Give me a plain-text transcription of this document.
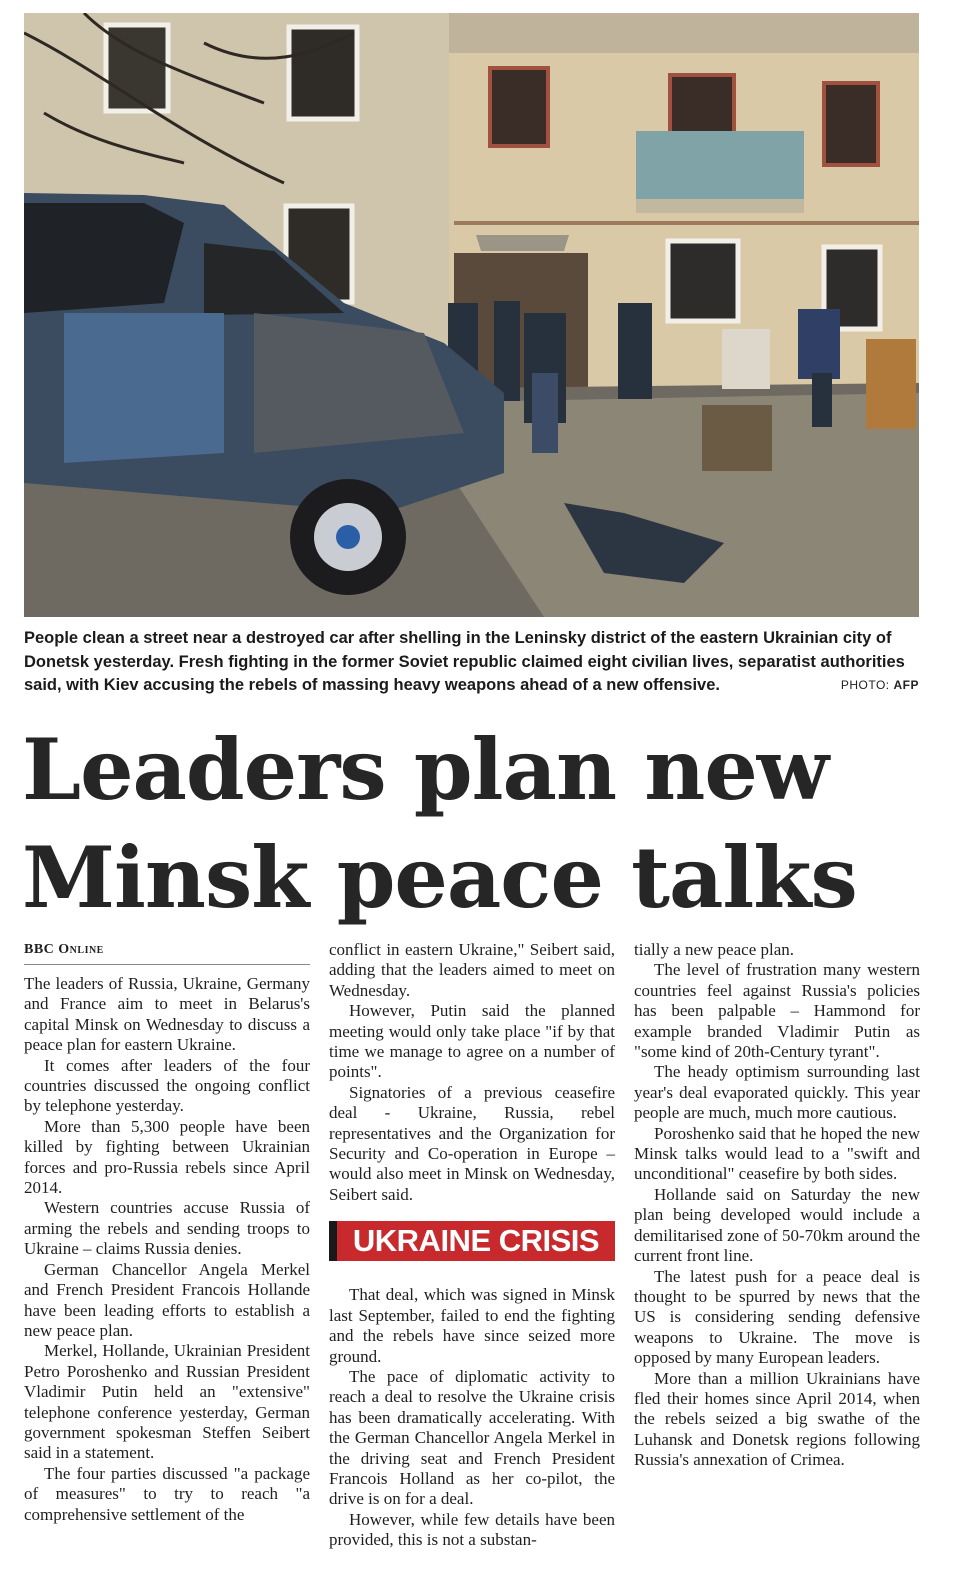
People clean a street near a destroyed car after shelling in the Leninsky district of the eastern Ukrainian city of Donetsk yesterday. Fresh fighting in the former Soviet republic claimed eight civilian lives, separatist authorities said, with Kiev accusing the rebels of massing heavy weapons ahead of a new offensive.	PHOTO: AFP
Leaders plan new
Minsk peace talks
BBC Online

The leaders of Russia, Ukraine, Germany and France aim to meet in Belarus's capital Minsk on Wednesday to discuss a peace plan for eastern Ukraine.

It comes after leaders of the four countries discussed the ongoing conflict by telephone yesterday.

More than 5,300 people have been killed by fighting between Ukrainian forces and pro-Russia rebels since April 2014.

Western countries accuse Russia of arming the rebels and sending troops to Ukraine – claims Russia denies.

German Chancellor Angela Merkel and French President Francois Hollande have been leading efforts to establish a new peace plan.

Merkel, Hollande, Ukrainian President Petro Poroshenko and Russian President Vladimir Putin held an "extensive" telephone conference yesterday, German government spokesman Steffen Seibert said in a statement.

The four parties discussed "a package of measures" to try to reach "a comprehensive settlement of the

conflict in eastern Ukraine," Seibert said, adding that the leaders aimed to meet on Wednesday.

However, Putin said the planned meeting would only take place "if by that time we manage to agree on a number of points".

Signatories of a previous ceasefire deal - Ukraine, Russia, rebel representatives and the Organization for Security and Co-operation in Europe – would also meet in Minsk on Wednesday, Seibert said.

UKRAINE CRISIS

That deal, which was signed in Minsk last September, failed to end the fighting and the rebels have since seized more ground.

The pace of diplomatic activity to reach a deal to resolve the Ukraine crisis has been dramatically accelerating. With the German Chancellor Angela Merkel in the driving seat and French President Francois Holland as her co-pilot, the drive is on for a deal.

However, while few details have been provided, this is not a substan-

tially a new peace plan.

The level of frustration many western countries feel against Russia's policies has been palpable – Hammond for example branded Vladimir Putin as "some kind of 20th-Century tyrant".

The heady optimism surrounding last year's deal evaporated quickly. This year people are much, much more cautious.

Poroshenko said that he hoped the new Minsk talks would lead to a "swift and unconditional" ceasefire by both sides.

Hollande said on Saturday the new plan being developed would include a demilitarised zone of 50-70km around the current front line.

The latest push for a peace deal is thought to be spurred by news that the US is considering sending defensive weapons to Ukraine. The move is opposed by many European leaders.

More than a million Ukrainians have fled their homes since April 2014, when the rebels seized a big swathe of the Luhansk and Donetsk regions following Russia's annexation of Crimea.
